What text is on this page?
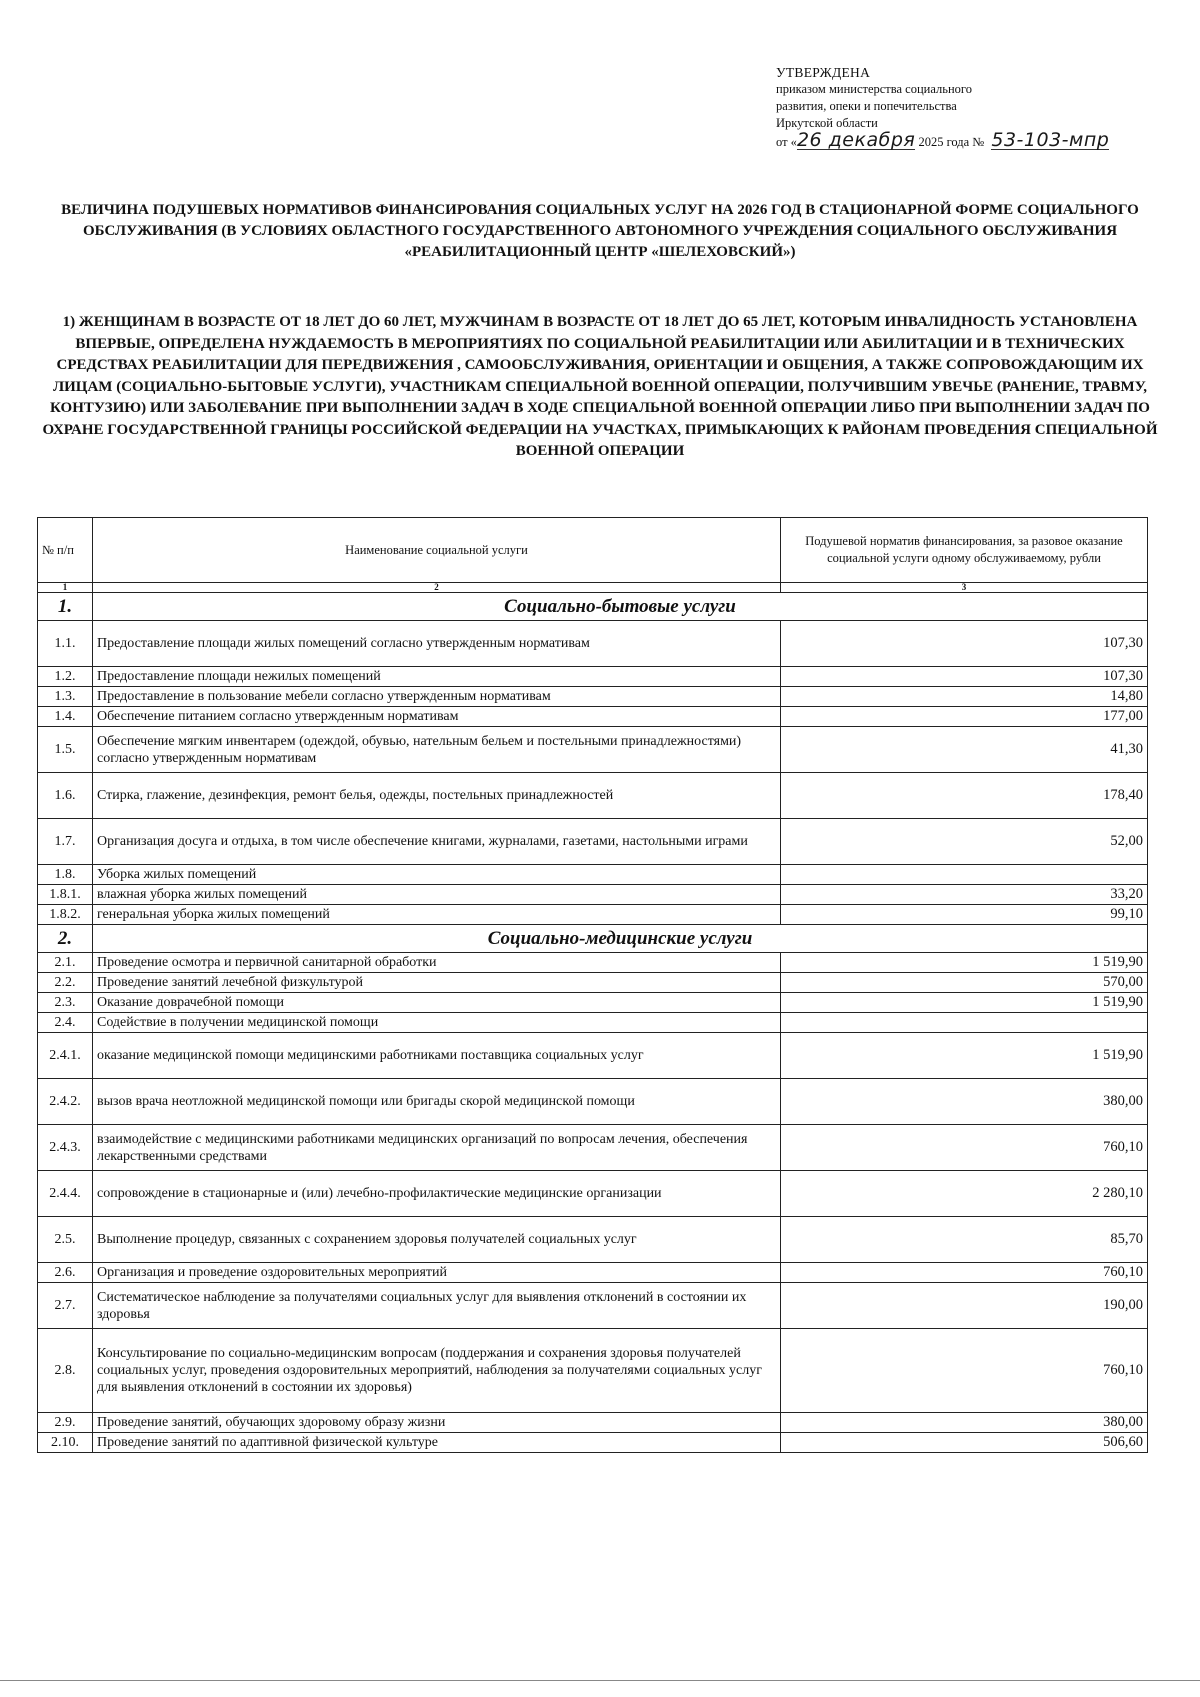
УТВЕРЖДЕНА
приказом министерства социального
развития, опеки и попечительства
Иркутской области
от «26 декабря 2025 года № 53-103-мпр
ВЕЛИЧИНА ПОДУШЕВЫХ НОРМАТИВОВ ФИНАНСИРОВАНИЯ СОЦИАЛЬНЫХ УСЛУГ НА 2026 ГОД В СТАЦИОНАРНОЙ ФОРМЕ СОЦИАЛЬНОГО ОБСЛУЖИВАНИЯ (В УСЛОВИЯХ ОБЛАСТНОГО ГОСУДАРСТВЕННОГО АВТОНОМНОГО УЧРЕЖДЕНИЯ СОЦИАЛЬНОГО ОБСЛУЖИВАНИЯ «РЕАБИЛИТАЦИОННЫЙ ЦЕНТР «ШЕЛЕХОВСКИЙ»)
1) ЖЕНЩИНАМ В ВОЗРАСТЕ ОТ 18 ЛЕТ ДО 60 ЛЕТ, МУЖЧИНАМ В ВОЗРАСТЕ ОТ 18 ЛЕТ ДО 65 ЛЕТ, КОТОРЫМ ИНВАЛИДНОСТЬ УСТАНОВЛЕНА ВПЕРВЫЕ, ОПРЕДЕЛЕНА НУЖДАЕМОСТЬ В МЕРОПРИЯТИЯХ ПО СОЦИАЛЬНОЙ РЕАБИЛИТАЦИИ ИЛИ АБИЛИТАЦИИ И В ТЕХНИЧЕСКИХ СРЕДСТВАХ РЕАБИЛИТАЦИИ ДЛЯ ПЕРЕДВИЖЕНИЯ , САМООБСЛУЖИВАНИЯ, ОРИЕНТАЦИИ И ОБЩЕНИЯ, А ТАКЖЕ СОПРОВОЖДАЮЩИМ ИХ ЛИЦАМ (СОЦИАЛЬНО-БЫТОВЫЕ УСЛУГИ), УЧАСТНИКАМ СПЕЦИАЛЬНОЙ ВОЕННОЙ ОПЕРАЦИИ, ПОЛУЧИВШИМ УВЕЧЬЕ (РАНЕНИЕ, ТРАВМУ, КОНТУЗИЮ) ИЛИ ЗАБОЛЕВАНИЕ ПРИ ВЫПОЛНЕНИИ ЗАДАЧ В ХОДЕ СПЕЦИАЛЬНОЙ ВОЕННОЙ ОПЕРАЦИИ ЛИБО ПРИ ВЫПОЛНЕНИИ ЗАДАЧ ПО ОХРАНЕ ГОСУДАРСТВЕННОЙ ГРАНИЦЫ РОССИЙСКОЙ ФЕДЕРАЦИИ НА УЧАСТКАХ, ПРИМЫКАЮЩИХ К РАЙОНАМ ПРОВЕДЕНИЯ СПЕЦИАЛЬНОЙ ВОЕННОЙ ОПЕРАЦИИ
№ п/п	Наименование социальной услуги	Подушевой норматив финансирования, за разовое оказание социальной услуги одному обслуживаемому, рубли
1	2	3
1.	Социально-бытовые услуги	
1.1.	Предоставление площади жилых помещений согласно утвержденным нормативам	107,30
1.2.	Предоставление площади нежилых помещений	107,30
1.3.	Предоставление в пользование мебели согласно утвержденным нормативам	14,80
1.4.	Обеспечение питанием согласно утвержденным нормативам	177,00
1.5.	Обеспечение мягким инвентарем (одеждой, обувью, нательным бельем и постельными принадлежностями) согласно утвержденным нормативам	41,30
1.6.	Стирка, глажение, дезинфекция, ремонт белья, одежды, постельных принадлежностей	178,40
1.7.	Организация досуга и отдыха, в том числе обеспечение книгами, журналами, газетами, настольными играми	52,00
1.8.	Уборка жилых помещений	
1.8.1.	влажная уборка жилых помещений	33,20
1.8.2.	генеральная уборка жилых помещений	99,10
2.	Социально-медицинские услуги	
2.1.	Проведение осмотра и первичной санитарной обработки	1 519,90
2.2.	Проведение занятий лечебной физкультурой	570,00
2.3.	Оказание доврачебной помощи	1 519,90
2.4.	Содействие в получении медицинской помощи	
2.4.1.	оказание медицинской помощи медицинскими работниками поставщика социальных услуг	1 519,90
2.4.2.	вызов врача неотложной медицинской помощи или бригады скорой медицинской помощи	380,00
2.4.3.	взаимодействие с медицинскими работниками медицинских организаций по вопросам лечения, обеспечения лекарственными средствами	760,10
2.4.4.	сопровождение в стационарные и (или) лечебно-профилактические медицинские организации	2 280,10
2.5.	Выполнение процедур, связанных с сохранением здоровья получателей социальных услуг	85,70
2.6.	Организация и проведение оздоровительных мероприятий	760,10
2.7.	Систематическое наблюдение за получателями социальных услуг для выявления отклонений в состоянии их здоровья	190,00
2.8.	Консультирование по социально-медицинским вопросам (поддержания и сохранения здоровья получателей социальных услуг, проведения оздоровительных мероприятий, наблюдения за получателями социальных услуг для выявления отклонений в состоянии их здоровья)	760,10
2.9.	Проведение занятий, обучающих здоровому образу жизни	380,00
2.10.	Проведение занятий по адаптивной физической культуре	506,60
